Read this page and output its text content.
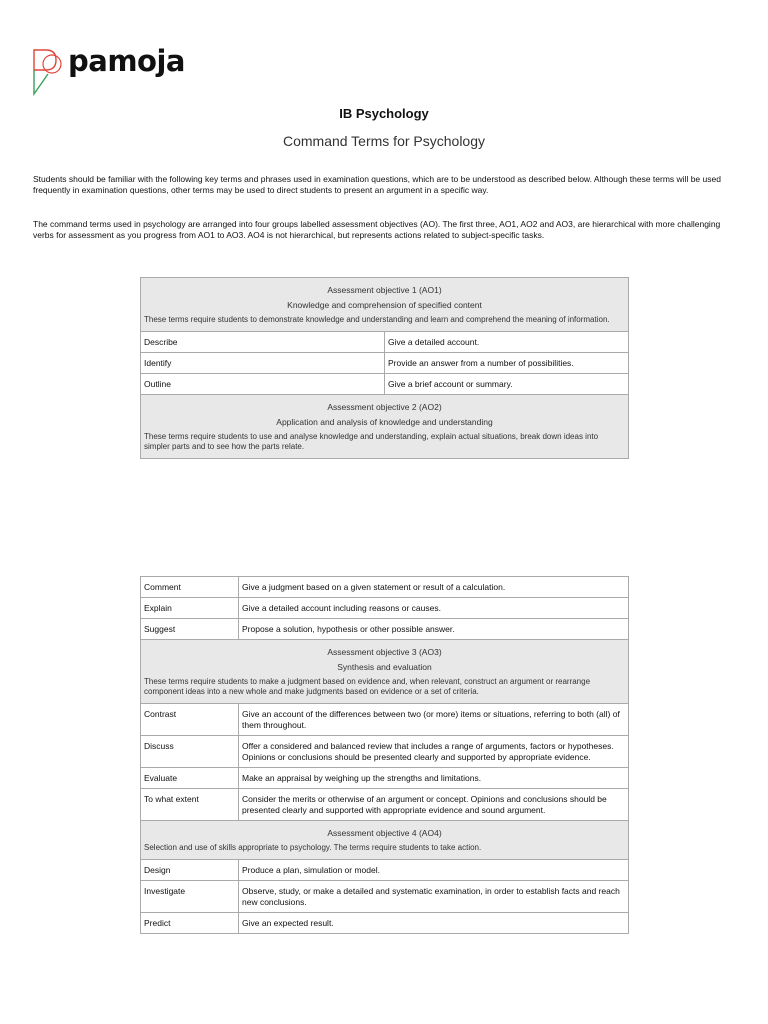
pamoja
IB Psychology
Command Terms for Psychology
Students should be familiar with the following key terms and phrases used in examination questions, which are to be understood as described below. Although these terms will be used frequently in examination questions, other terms may be used to direct students to present an argument in a specific way.
The command terms used in psychology are arranged into four groups labelled assessment objectives (AO). The first three, AO1, AO2 and AO3, are hierarchical with more challenging verbs for assessment as you progress from AO1 to AO3. AO4 is not hierarchical, but represents actions related to subject-specific tasks.
Assessment objective 1 (AO1)
Knowledge and comprehension of specified content
These terms require students to demonstrate knowledge and understanding and learn and comprehend the meaning of information.	

Describe	Give a detailed account.
Identify	Provide an answer from a number of possibilities.
Outline	Give a brief account or summary.

Assessment objective 2 (AO2)
Application and analysis of knowledge and understanding
These terms require students to use and analyse knowledge and understanding, explain actual situations, break down ideas into simpler parts and to see how the parts relate.	
Comment	Give a judgment based on a given statement or result of a calculation.
Explain	Give a detailed account including reasons or causes.
Suggest	Propose a solution, hypothesis or other possible answer.

Assessment objective 3 (AO3)
Synthesis and evaluation
These terms require students to make a judgment based on evidence and, when relevant, construct an argument or rearrange component ideas into a new whole and make judgments based on evidence or a set of criteria.	

Contrast	Give an account of the differences between two (or more) items or situations, referring to both (all) of them throughout.
Discuss	Offer a considered and balanced review that includes a range of arguments, factors or hypotheses. Opinions or conclusions should be presented clearly and supported by appropriate evidence.
Evaluate	Make an appraisal by weighing up the strengths and limitations.
To what extent	Consider the merits or otherwise of an argument or concept. Opinions and conclusions should be presented clearly and supported with appropriate evidence and sound argument.

Assessment objective 4 (AO4)
Selection and use of skills appropriate to psychology. The terms require students to take action.	

Design	Produce a plan, simulation or model.
Investigate	Observe, study, or make a detailed and systematic examination, in order to establish facts and reach new conclusions.
Predict	Give an expected result.
